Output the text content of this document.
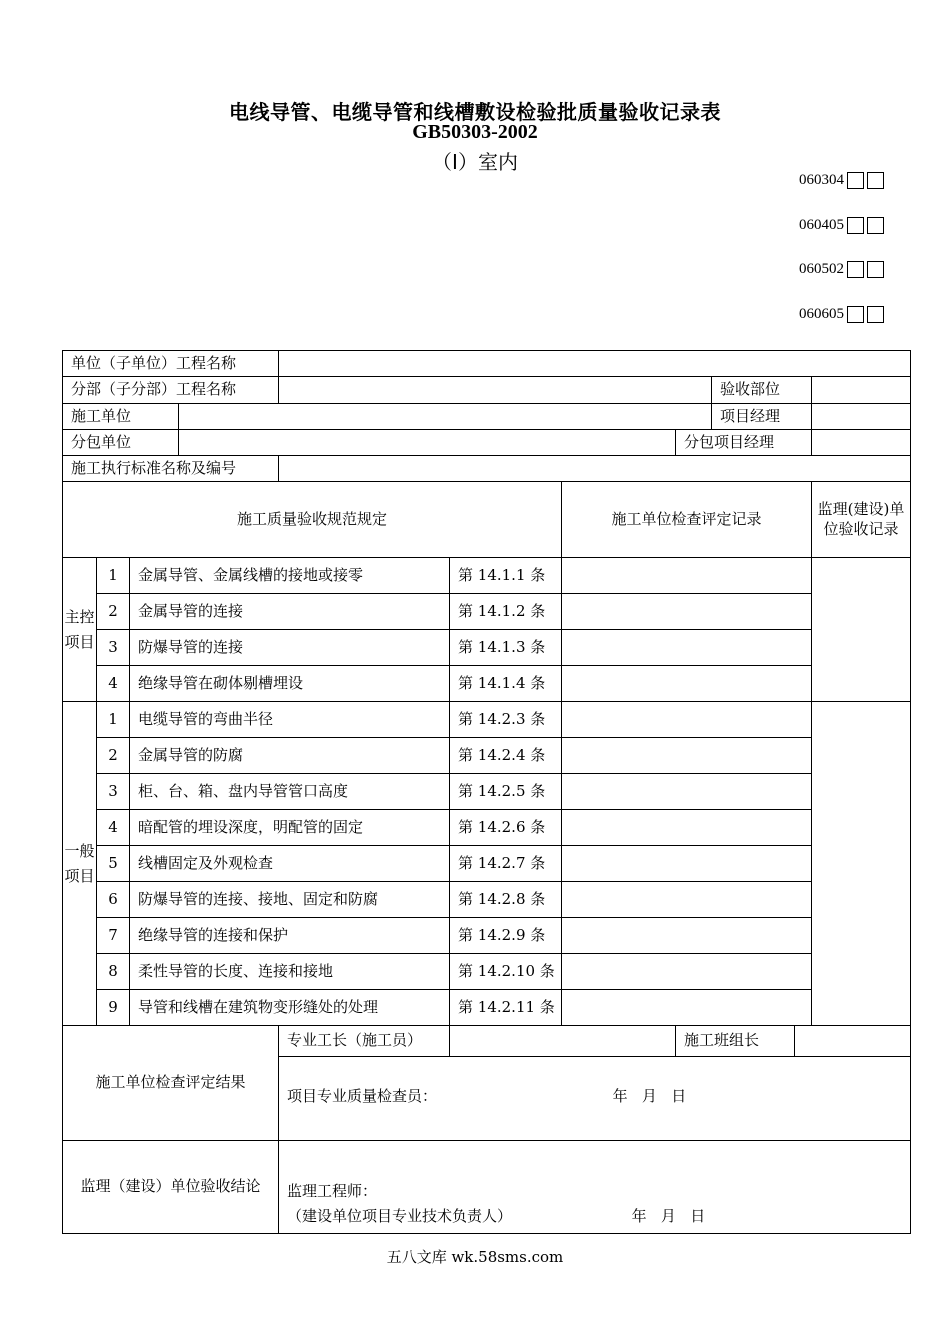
电线导管、电缆导管和线槽敷设检验批质量验收记录表
GB50303-2002
（Ⅰ）室内
060304
060405
060502
060605
单位（子单位）工程名称										
分部（子分部）工程名称								验收部位		
施工单位								项目经理		
分包单位							分包项目经理			
施工执行标准名称及编号										
施工质量验收规范规定						施工单位检查评定记录				监理(建设)单位验收记录
主控项目	1	金属导管、金属线槽的接地或接零			第 14.1.1 条					
	2	金属导管的连接			第 14.1.2 条					
	3	防爆导管的连接			第 14.1.3 条					
	4	绝缘导管在砌体剔槽埋设			第 14.1.4 条					
一般项目	1	电缆导管的弯曲半径			第 14.2.3 条					
	2	金属导管的防腐			第 14.2.4 条					
	3	柜、台、箱、盘内导管管口高度			第 14.2.5 条					
	4	暗配管的埋设深度，明配管的固定			第 14.2.6 条					
	5	线槽固定及外观检查			第 14.2.7 条					
	6	防爆导管的连接、接地、固定和防腐			第 14.2.8 条					
	7	绝缘导管的连接和保护			第 14.2.9 条					
	8	柔性导管的长度、连接和接地			第 14.2.10 条					
	9	导管和线槽在建筑物变形缝处的处理			第 14.2.11 条					
施工单位检查评定结果				专业工长（施工员）			施工班组长			
				项目专业质量检查员： 年   月   日						
监理（建设）单位验收结论				监理工程师：
（建设单位项目专业技术负责人） 年   月   日						
五八文库 wk.58sms.com
